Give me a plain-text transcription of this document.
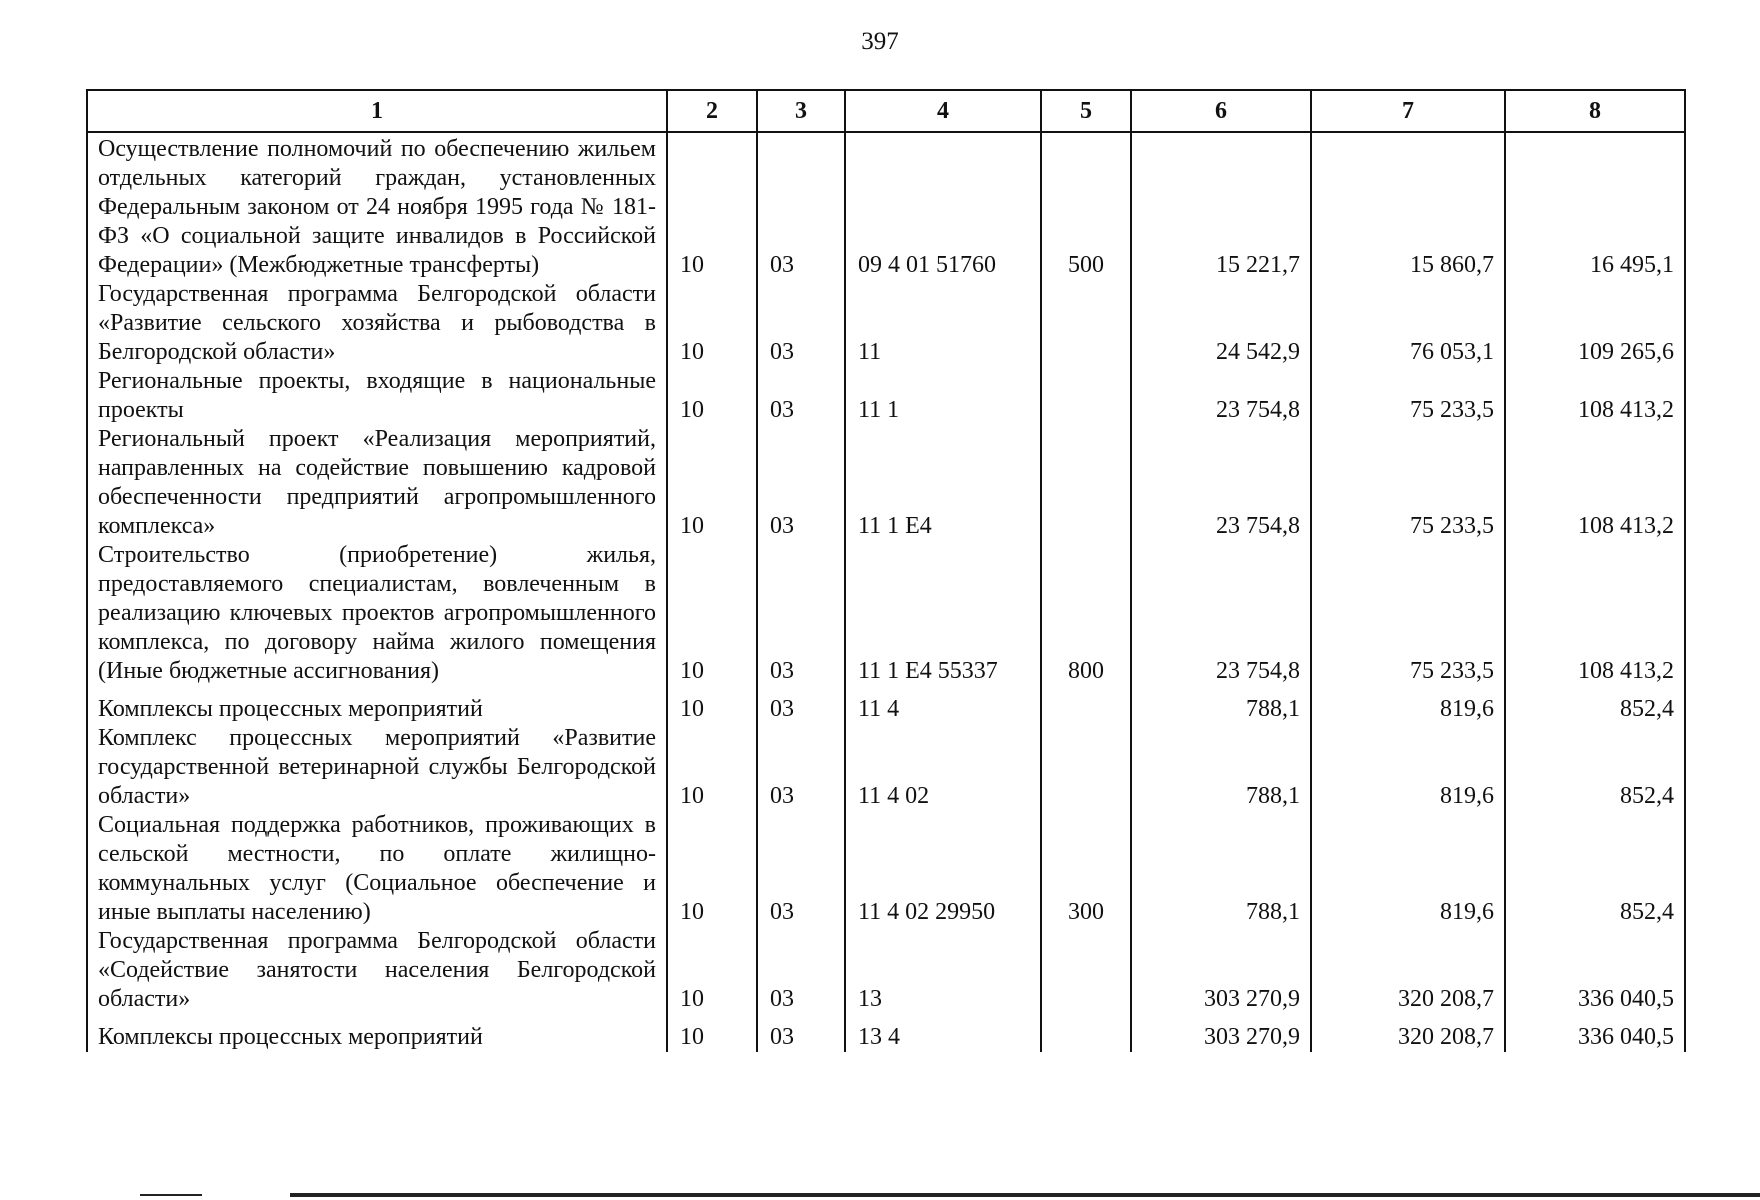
397
1	2	3	4	5	6	7	8
Осуществление полномочий по обеспечению жильем отдельных категорий граждан, установленных Федеральным законом от 24 ноября 1995 года № 181-ФЗ «О социальной защите инвалидов в Российской Федерации» (Межбюджетные трансферты)	10	03	09 4 01 51760	500	15 221,7	15 860,7	16 495,1
Государственная программа Белгородской области «Развитие сельского хозяйства и рыбоводства в Белгородской области»	10	03	11		24 542,9	76 053,1	109 265,6
Региональные проекты, входящие в национальные проекты	10	03	11 1		23 754,8	75 233,5	108 413,2
Региональный проект «Реализация мероприятий, направленных на содействие повышению кадровой обеспеченности предприятий агропромышленного комплекса»	10	03	11 1 Е4		23 754,8	75 233,5	108 413,2
Строительство (приобретение) жилья, предоставляемого специалистам, вовлеченным в реализацию ключевых проектов агропромышленного комплекса, по договору найма жилого помещения (Иные бюджетные ассигнования)	10	03	11 1 Е4 55337	800	23 754,8	75 233,5	108 413,2
Комплексы процессных мероприятий	10	03	11 4		788,1	819,6	852,4
Комплекс процессных мероприятий «Развитие государственной ветеринарной службы Белгородской области»	10	03	11 4 02		788,1	819,6	852,4
Социальная поддержка работников, проживающих в сельской местности, по оплате жилищно-коммунальных услуг (Социальное обеспечение и иные выплаты населению)	10	03	11 4 02 29950	300	788,1	819,6	852,4
Государственная программа Белгородской области «Содействие занятости населения Белгородской области»	10	03	13		303 270,9	320 208,7	336 040,5
Комплексы процессных мероприятий	10	03	13 4		303 270,9	320 208,7	336 040,5
